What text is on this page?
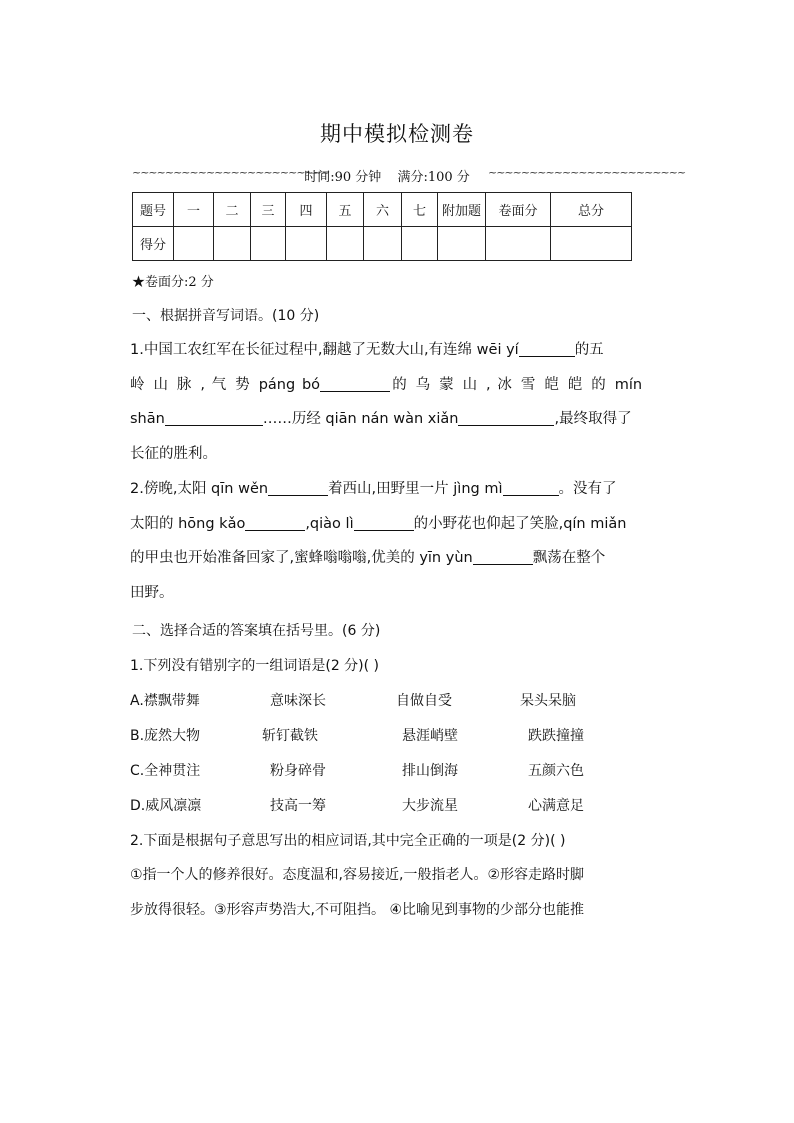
期中模拟检测卷
~~~~~~~~~~~~~~~~~~~~~~~~
时间:90 分钟 满分:100 分	~~~~~~~~~~~~~~~~~~~~~~~~
题号	一	二	三	四	五	六	七	附加题	卷面分	总分
得分										
★卷面分:2 分
一、根据拼音写词语。(10 分)
1.中国工农红军在长征过程中,翻越了无数大山,有连绵 wēi yí	的五
岭 山 脉 , 气 势 páng bó	的 乌 蒙 山 , 冰 雪 皑 皑 的 mín
shān	……历经 qiān nán wàn xiǎn	,最终取得了
长征的胜利。
2.傍晚,太阳 qīn wěn	着西山,田野里一片 jìng mì	。没有了
太阳的 hōng kǎo	,qiào lì	的小野花也仰起了笑脸,qín miǎn
的甲虫也开始准备回家了,蜜蜂嗡嗡嗡,优美的 yīn yùn	飘荡在整个
田野。
二、选择合适的答案填在括号里。(6 分)
1.下列没有错别字的一组词语是(2 分)( )
A.襟飘带舞	意味深长	自做自受	呆头呆脑
B.庞然大物	斩钉截铁	悬涯峭壁	跌跌撞撞
C.全神贯注	粉身碎骨	排山倒海	五颜六色
D.威风凛凛	技高一筹	大步流星	心满意足
2.下面是根据句子意思写出的相应词语,其中完全正确的一项是(2 分)( )
①指一个人的修养很好。态度温和,容易接近,一般指老人。②形容走路时脚
步放得很轻。③形容声势浩大,不可阻挡。 ④比喻见到事物的少部分也能推
